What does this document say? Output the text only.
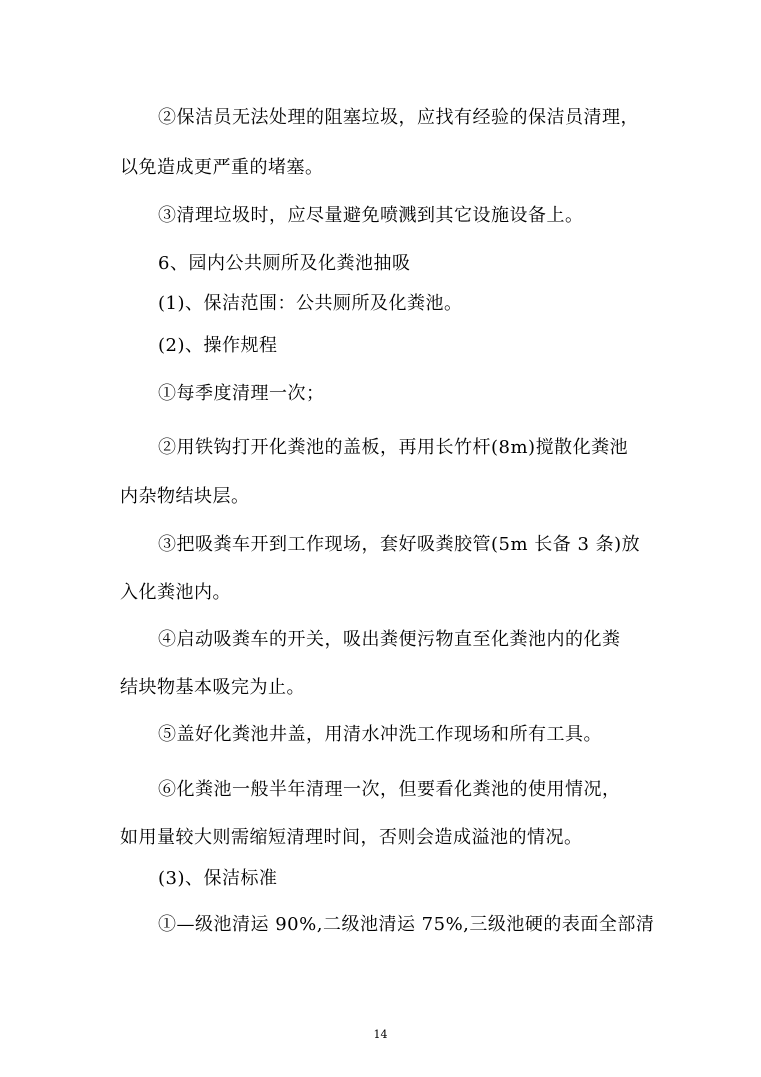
②保洁员无法处理的阻塞垃圾，应找有经验的保洁员清理，
以免造成更严重的堵塞。
③清理垃圾时，应尽量避免喷溅到其它设施设备上。
6、园内公共厕所及化粪池抽吸
(1)、保洁范围：公共厕所及化粪池。
(2)、操作规程
①每季度清理一次；
②用铁钩打开化粪池的盖板，再用长竹杆(8m)搅散化粪池
内杂物结块层。
③把吸粪车开到工作现场，套好吸粪胶管(5m 长备 3 条)放
入化粪池内。
④启动吸粪车的开关，吸出粪便污物直至化粪池内的化粪
结块物基本吸完为止。
⑤盖好化粪池井盖，用清水冲洗工作现场和所有工具。
⑥化粪池一般半年清理一次，但要看化粪池的使用情况，
如用量较大则需缩短清理时间，否则会造成溢池的情况。
(3)、保洁标准
①—级池清运 90%,二级池清运 75%,三级池硬的表面全部清
14
